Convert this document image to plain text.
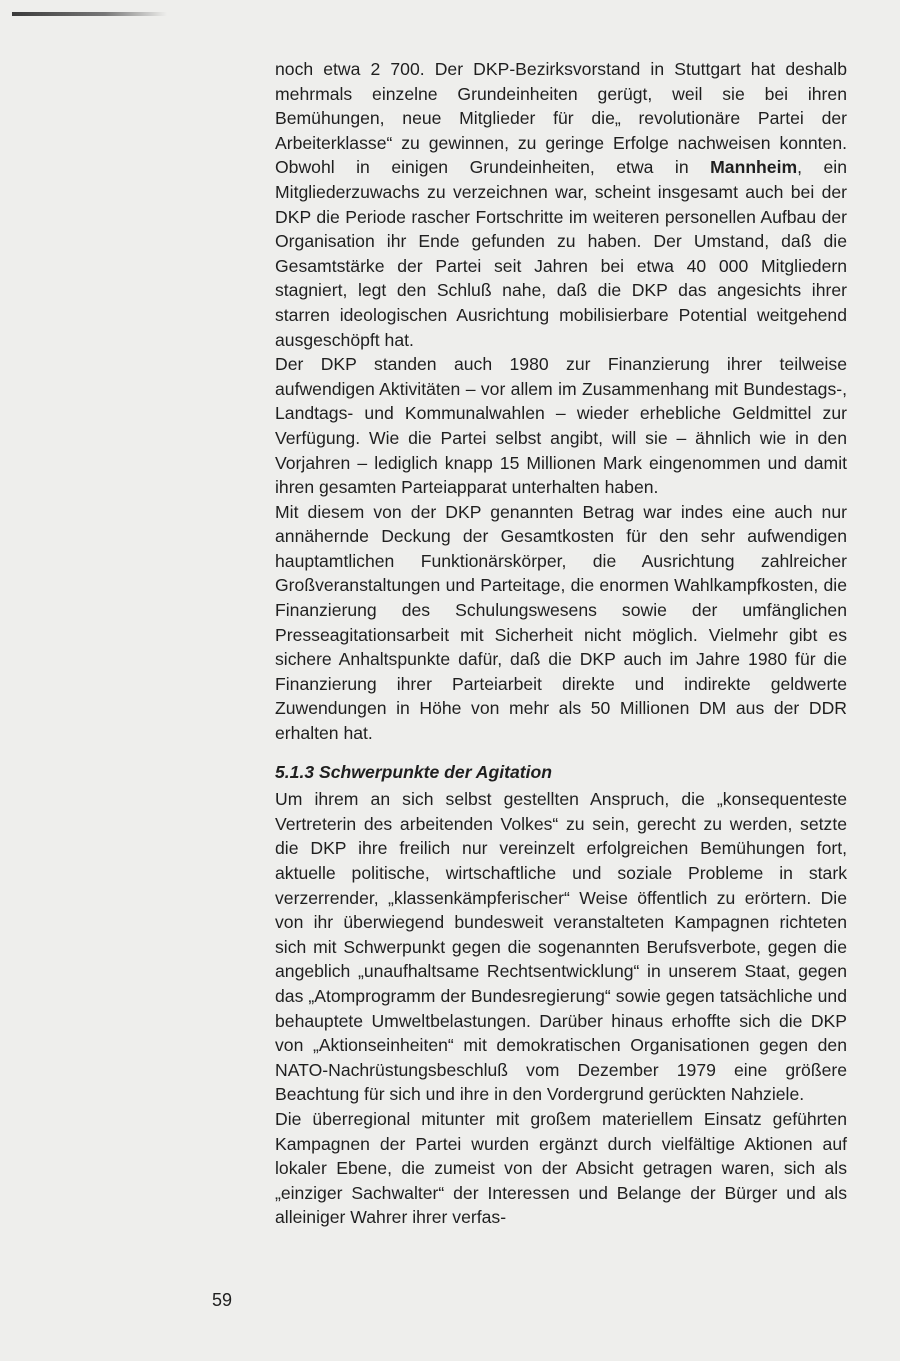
noch etwa 2 700. Der DKP-Bezirksvorstand in Stuttgart hat deshalb mehrmals einzelne Grundeinheiten gerügt, weil sie bei ihren Bemühungen, neue Mitglieder für die„ revolutionäre Partei der Arbeiterklasse“ zu gewinnen, zu geringe Erfolge nachweisen konnten. Obwohl in einigen Grundeinheiten, etwa in Mannheim, ein Mitgliederzuwachs zu verzeichnen war, scheint insgesamt auch bei der DKP die Periode rascher Fortschritte im weiteren personellen Aufbau der Organisation ihr Ende gefunden zu haben. Der Umstand, daß die Gesamtstärke der Partei seit Jahren bei etwa 40 000 Mitgliedern stagniert, legt den Schluß nahe, daß die DKP das angesichts ihrer starren ideologischen Ausrichtung mobilisierbare Potential weitgehend ausgeschöpft hat.

Der DKP standen auch 1980 zur Finanzierung ihrer teilweise aufwendigen Aktivitäten – vor allem im Zusammenhang mit Bundestags-, Landtags- und Kommunalwahlen – wieder erhebliche Geldmittel zur Verfügung. Wie die Partei selbst angibt, will sie – ähnlich wie in den Vorjahren – lediglich knapp 15 Millionen Mark eingenommen und damit ihren gesamten Parteiapparat unterhalten haben.

Mit diesem von der DKP genannten Betrag war indes eine auch nur annähernde Deckung der Gesamtkosten für den sehr aufwendigen hauptamtlichen Funktionärskörper, die Ausrichtung zahlreicher Großveranstaltungen und Parteitage, die enormen Wahlkampfkosten, die Finanzierung des Schulungswesens sowie der umfänglichen Presseagitationsarbeit mit Sicherheit nicht möglich. Vielmehr gibt es sichere Anhaltspunkte dafür, daß die DKP auch im Jahre 1980 für die Finanzierung ihrer Parteiarbeit direkte und indirekte geldwerte Zuwendungen in Höhe von mehr als 50 Millionen DM aus der DDR erhalten hat.

5.1.3 Schwerpunkte der Agitation

Um ihrem an sich selbst gestellten Anspruch, die „konsequenteste Vertreterin des arbeitenden Volkes“ zu sein, gerecht zu werden, setzte die DKP ihre freilich nur vereinzelt erfolgreichen Bemühungen fort, aktuelle politische, wirtschaftliche und soziale Probleme in stark verzerrender, „klassenkämpferischer“ Weise öffentlich zu erörtern. Die von ihr überwiegend bundesweit veranstalteten Kampagnen richteten sich mit Schwerpunkt gegen die sogenannten Berufsverbote, gegen die angeblich „unaufhaltsame Rechtsentwicklung“ in unserem Staat, gegen das „Atomprogramm der Bundesregierung“ sowie gegen tatsächliche und behauptete Umweltbelastungen. Darüber hinaus erhoffte sich die DKP von „Aktionseinheiten“ mit demokratischen Organisationen gegen den NATO-Nachrüstungsbeschluß vom Dezember 1979 eine größere Beachtung für sich und ihre in den Vordergrund gerückten Nahziele.

Die überregional mitunter mit großem materiellem Einsatz geführten Kampagnen der Partei wurden ergänzt durch vielfältige Aktionen auf lokaler Ebene, die zumeist von der Absicht getragen waren, sich als „einziger Sachwalter“ der Interessen und Belange der Bürger und als alleiniger Wahrer ihrer verfas-

59
